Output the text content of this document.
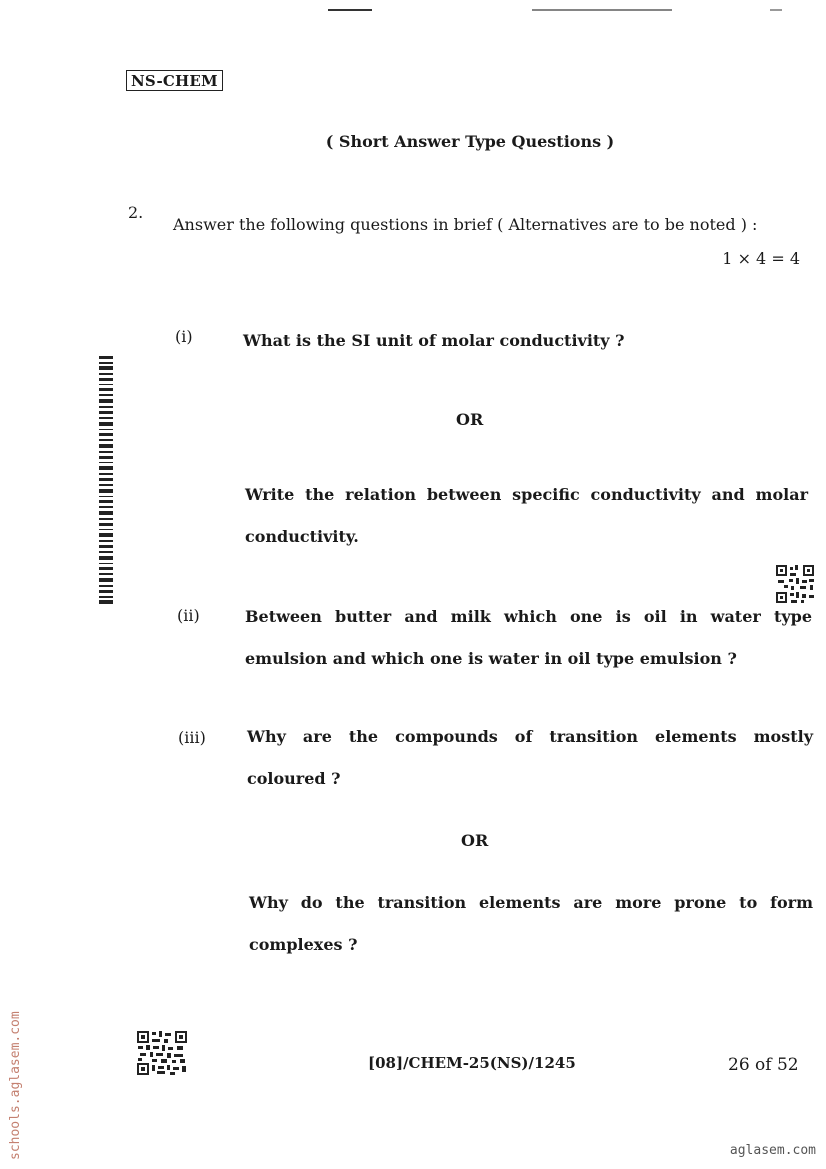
NS-CHEM
( Short Answer Type Questions )
2.
Answer the following questions in brief ( Alternatives are to be noted ) :
1 × 4 = 4
(i)	What is the SI unit of molar conductivity ?
OR
Write the relation between specific conductivity and molar conductivity.
(ii)	Between butter and milk which one is oil in water type emulsion and which one is water in oil type emulsion ?
(iii)	Why are the compounds of transition elements mostly coloured ?
OR
Why do the transition elements are more prone to form complexes ?
[08]/CHEM-25(NS)/1245	26 of 52
schools.aglasem.com	aglasem.com
